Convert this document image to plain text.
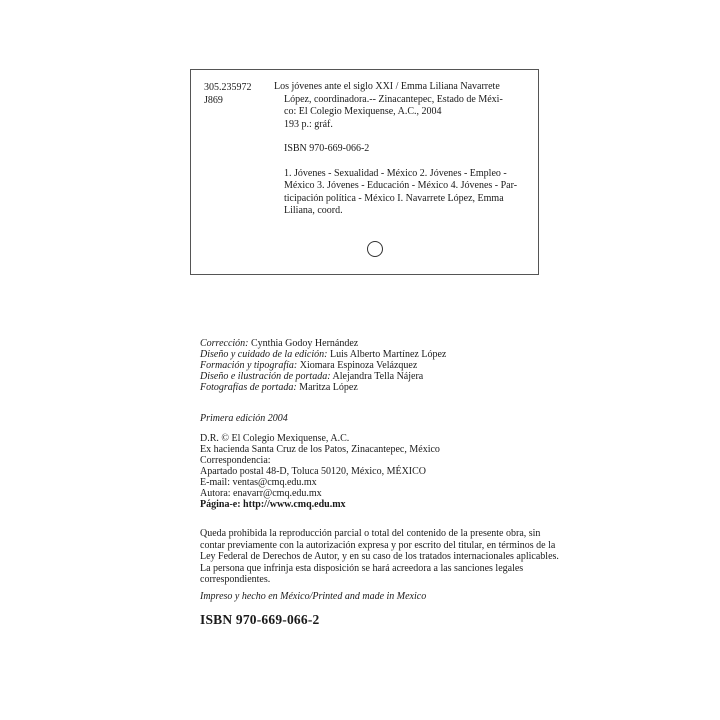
305.235972
J869
Los jóvenes ante el siglo XXI / Emma Liliana Navarrete
López, coordinadora.-- Zinacantepec, Estado de Méxi-
co: El Colegio Mexiquense, A.C., 2004
193 p.: gráf.
ISBN 970-669-066-2
1. Jóvenes - Sexualidad - México 2. Jóvenes - Empleo -
México 3. Jóvenes - Educación - México 4. Jóvenes - Par-
ticipación política - México I. Navarrete López, Emma
Liliana, coord.
Corrección: Cynthia Godoy Hernández
Diseño y cuidado de la edición: Luis Alberto Martínez López
Formación y tipografía: Xiomara Espinoza Velázquez
Diseño e ilustración de portada: Alejandra Tella Nájera
Fotografías de portada: Maritza López
Primera edición 2004
D.R. © El Colegio Mexiquense, A.C.
Ex hacienda Santa Cruz de los Patos, Zinacantepec, México
Correspondencia:
Apartado postal 48-D, Toluca 50120, México, MÉXICO
E-mail: ventas@cmq.edu.mx
Autora: enavarr@cmq.edu.mx
Página-e: http://www.cmq.edu.mx
Queda prohibida la reproducción parcial o total del contenido de la presente obra, sin
contar previamente con la autorización expresa y por escrito del titular, en términos de la
Ley Federal de Derechos de Autor, y en su caso de los tratados internacionales aplicables.
La persona que infrinja esta disposición se hará acreedora a las sanciones legales
correspondientes.
Impreso y hecho en México/Printed and made in Mexico
ISBN 970-669-066-2
